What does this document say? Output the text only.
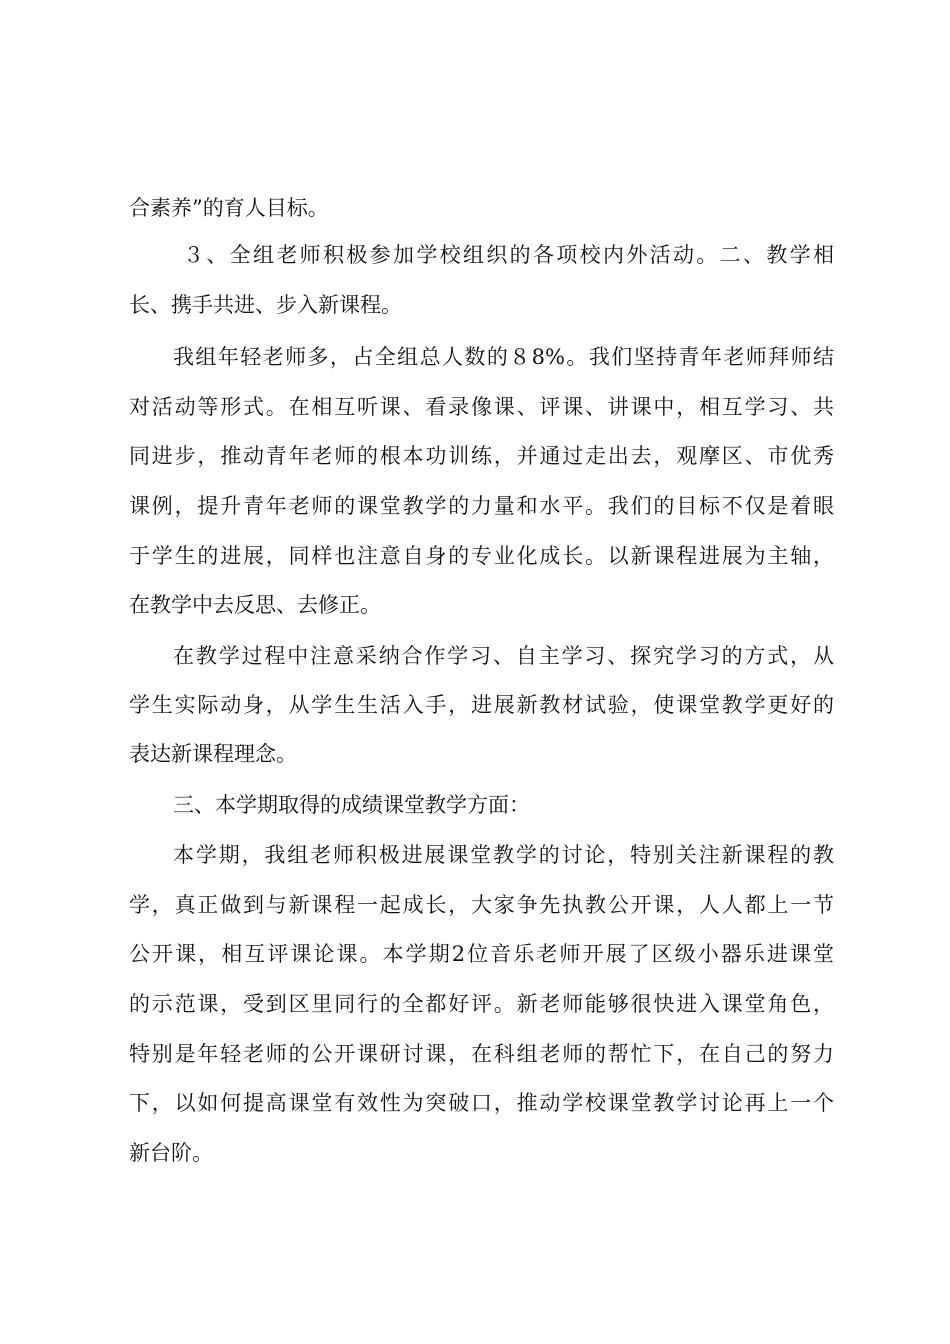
合素养”的育人目标。
３、全组老师积极参加学校组织的各项校内外活动。二、教学相
长、携手共进、步入新课程。
我组年轻老师多，占全组总人数的８8%。我们坚持青年老师拜师结
对活动等形式。在相互听课、看录像课、评课、讲课中，相互学习、共
同进步，推动青年老师的根本功训练，并通过走出去，观摩区、市优秀
课例，提升青年老师的课堂教学的力量和水平。我们的目标不仅是着眼
于学生的进展，同样也注意自身的专业化成长。以新课程进展为主轴，
在教学中去反思、去修正。
在教学过程中注意采纳合作学习、自主学习、探究学习的方式，从
学生实际动身，从学生生活入手，进展新教材试验，使课堂教学更好的
表达新课程理念。
三、本学期取得的成绩课堂教学方面：
本学期，我组老师积极进展课堂教学的讨论，特别关注新课程的教
学，真正做到与新课程一起成长，大家争先执教公开课，人人都上一节
公开课，相互评课论课。本学期2位音乐老师开展了区级小器乐进课堂
的示范课，受到区里同行的全都好评。新老师能够很快进入课堂角色，
特别是年轻老师的公开课研讨课，在科组老师的帮忙下，在自己的努力
下，以如何提高课堂有效性为突破口，推动学校课堂教学讨论再上一个
新台阶。
